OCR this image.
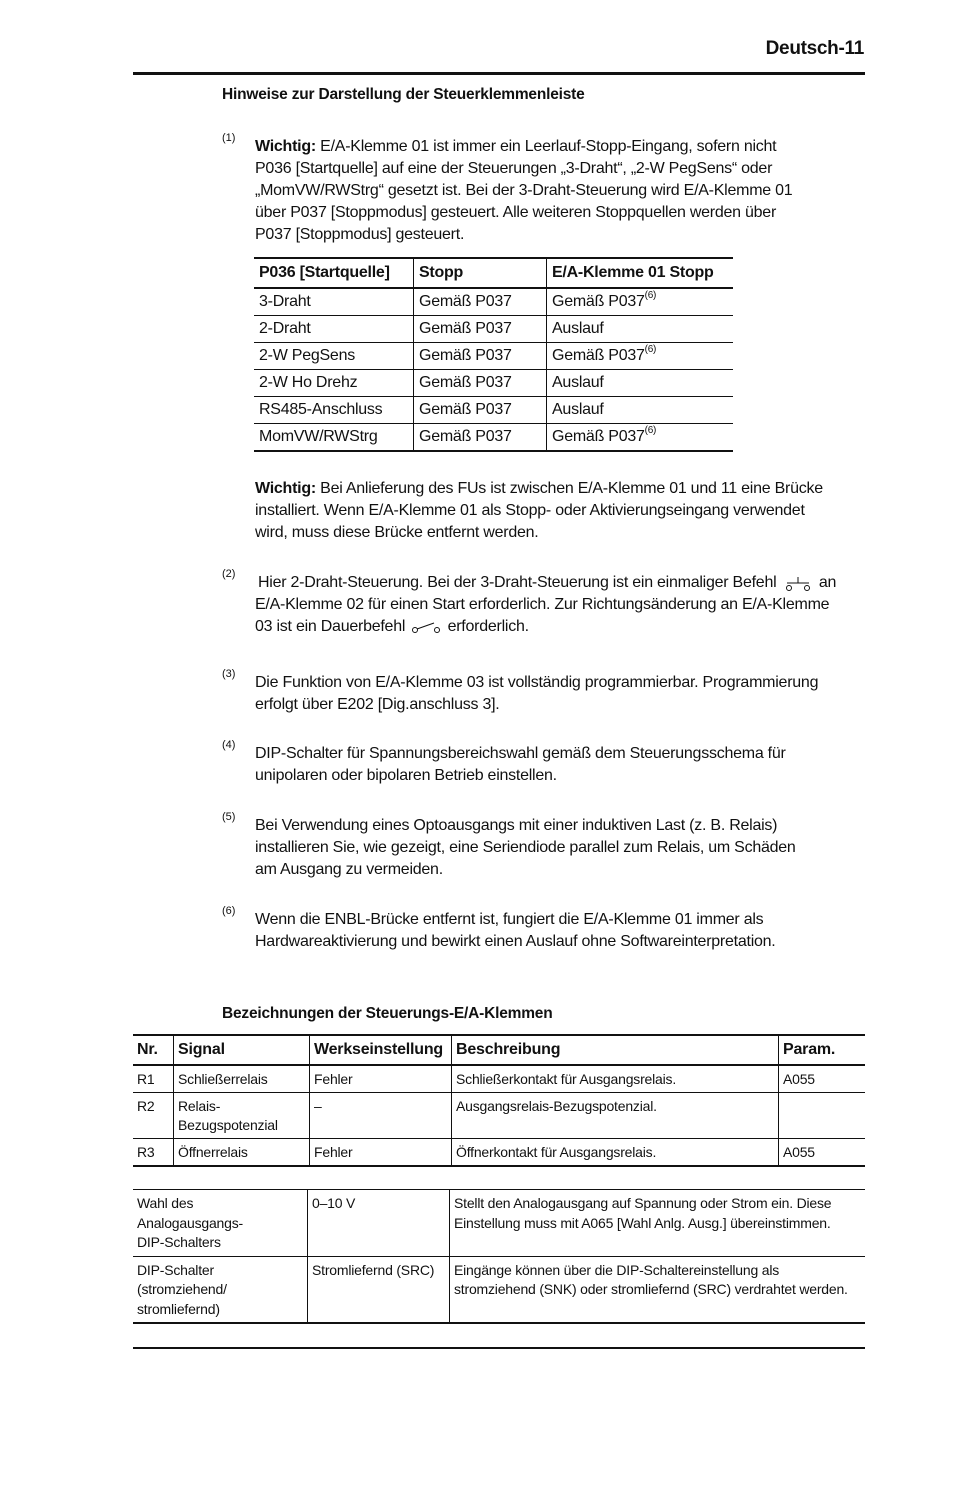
Deutsch-11
Hinweise zur Darstellung der Steuerklemmenleiste
(1) Wichtig: E/A-Klemme 01 ist immer ein Leerlauf-Stopp-Eingang, sofern nicht
P036 [Startquelle] auf eine der Steuerungen „3-Draht“, „2-W PegSens“ oder
„MomVW/RWStrg“ gesetzt ist. Bei der 3-Draht-Steuerung wird E/A-Klemme 01
über P037 [Stoppmodus] gesteuert. Alle weiteren Stoppquellen werden über
P037 [Stoppmodus] gesteuert.
P036 [Startquelle]	Stopp	E/A-Klemme 01 Stopp
3-Draht	Gemäß P037	Gemäß P037$^{(6)}$
2-Draht	Gemäß P037	Auslauf
2-W PegSens	Gemäß P037	Gemäß P037$^{(6)}$
2-W Ho Drehz	Gemäß P037	Auslauf
RS485-Anschluss	Gemäß P037	Auslauf
MomVW/RWStrg	Gemäß P037	Gemäß P037$^{(6)}$
Wichtig: Bei Anlieferung des FUs ist zwischen E/A-Klemme 01 und 11 eine Brücke
installiert. Wenn E/A-Klemme 01 als Stopp- oder Aktivierungseingang verwendet
wird, muss diese Brücke entfernt werden.
(2) Hier 2-Draht-Steuerung. Bei der 3-Draht-Steuerung ist ein einmaliger Befehl	an
E/A-Klemme 02 für einen Start erforderlich. Zur Richtungsänderung an E/A-Klemme
03 ist ein Dauerbefehl	erforderlich.
(3) Die Funktion von E/A-Klemme 03 ist vollständig programmierbar. Programmierung
erfolgt über E202 [Dig.anschluss 3].
(4) DIP-Schalter für Spannungsbereichswahl gemäß dem Steuerungsschema für
unipolaren oder bipolaren Betrieb einstellen.
(5) Bei Verwendung eines Optoausgangs mit einer induktiven Last (z. B. Relais)
installieren Sie, wie gezeigt, eine Seriendiode parallel zum Relais, um Schäden
am Ausgang zu vermeiden.
(6) Wenn die ENBL-Brücke entfernt ist, fungiert die E/A-Klemme 01 immer als
Hardwareaktivierung und bewirkt einen Auslauf ohne Softwareinterpretation.
Bezeichnungen der Steuerungs-E/A-Klemmen
Nr.	Signal	Werkseinstellung	Beschreibung	Param.
R1	Schließerrelais	Fehler	Schließerkontakt für Ausgangsrelais.	A055
R2	Relais-
Bezugspotenzial	–	Ausgangsrelais-Bezugspotenzial.	
R3	Öffnerrelais	Fehler	Öffnerkontakt für Ausgangsrelais.	A055
Wahl des
Analogausgangs-
DIP-Schalters	0–10 V	Stellt den Analogausgang auf Spannung oder Strom ein. Diese
Einstellung muss mit A065 [Wahl Anlg. Ausg.] übereinstimmen.
DIP-Schalter
(stromziehend/
stromliefernd)	Stromliefernd (SRC)	Eingänge können über die DIP-Schaltereinstellung als
stromziehend (SNK) oder stromliefernd (SRC) verdrahtet werden.
